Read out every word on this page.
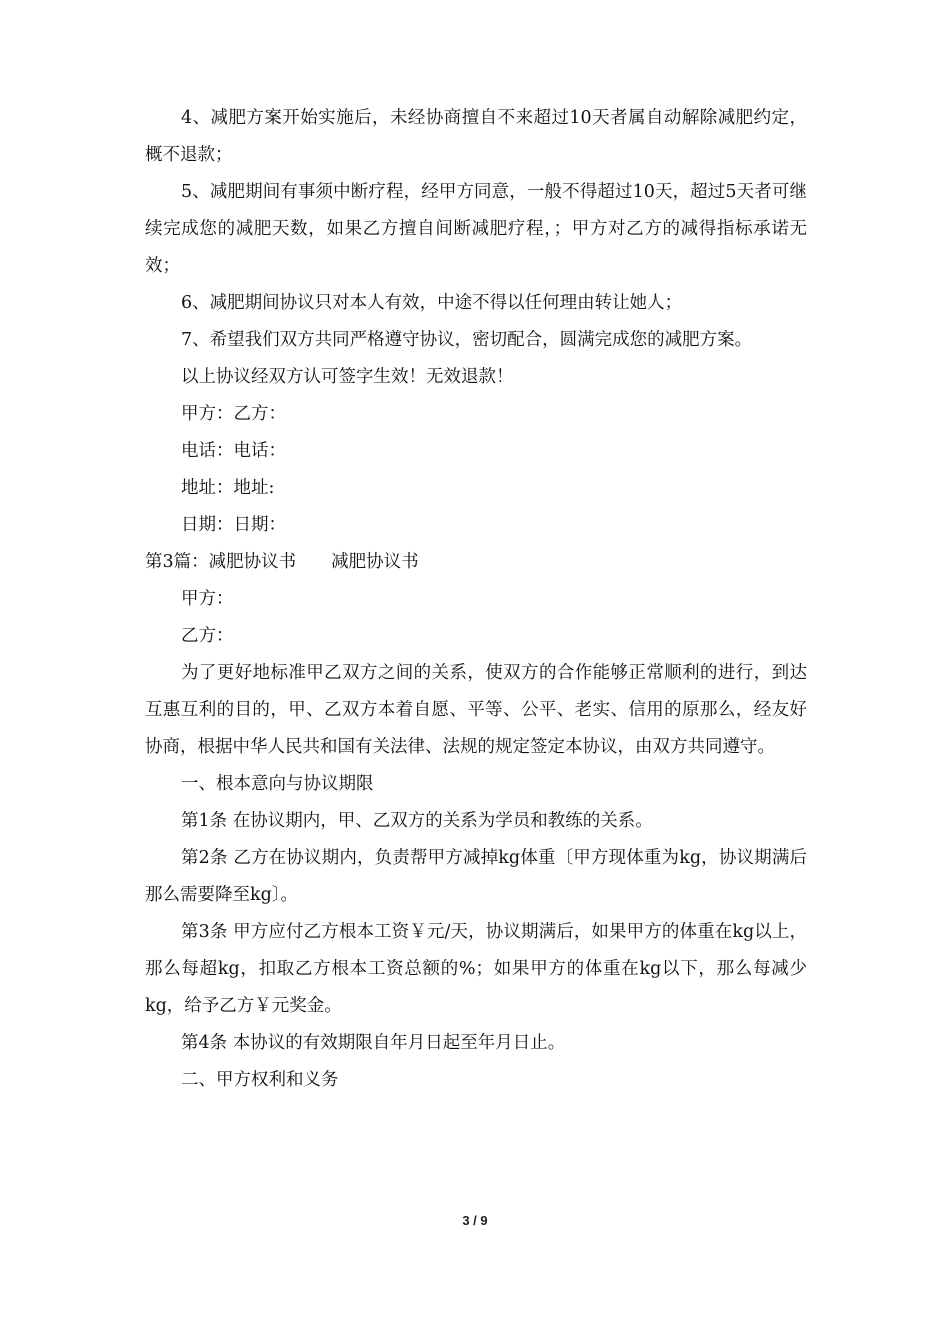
4、减肥方案开始实施后，未经协商擅自不来超过10天者属自动解除减肥约定，概不退款；

5、减肥期间有事须中断疗程，经甲方同意，一般不得超过10天，超过5天者可继续完成您的减肥天数，如果乙方擅自间断减肥疗程，；甲方对乙方的减得指标承诺无效；

6、减肥期间协议只对本人有效，中途不得以任何理由转让她人；

7、希望我们双方共同严格遵守协议，密切配合，圆满完成您的减肥方案。

以上协议经双方认可签字生效！无效退款！

甲方：乙方：

电话：电话：

地址：地址:

日期：日期：

第3篇：减肥协议书　　减肥协议书

甲方：

乙方：

为了更好地标准甲乙双方之间的关系，使双方的合作能够正常顺利的进行，到达互惠互利的目的，甲、乙双方本着自愿、平等、公平、老实、信用的原那么，经友好协商，根据中华人民共和国有关法律、法规的规定签定本协议，由双方共同遵守。

一、根本意向与协议期限

第1条 在协议期内，甲、乙双方的关系为学员和教练的关系。

第2条 乙方在协议期内，负责帮甲方减掉kg体重〔甲方现体重为kg，协议期满后那么需要降至kg〕。

第3条 甲方应付乙方根本工资￥元/天，协议期满后，如果甲方的体重在kg以上，那么每超kg，扣取乙方根本工资总额的%；如果甲方的体重在kg以下，那么每减少kg，给予乙方￥元奖金。

第4条 本协议的有效期限自年月日起至年月日止。

二、甲方权利和义务

3 / 9
